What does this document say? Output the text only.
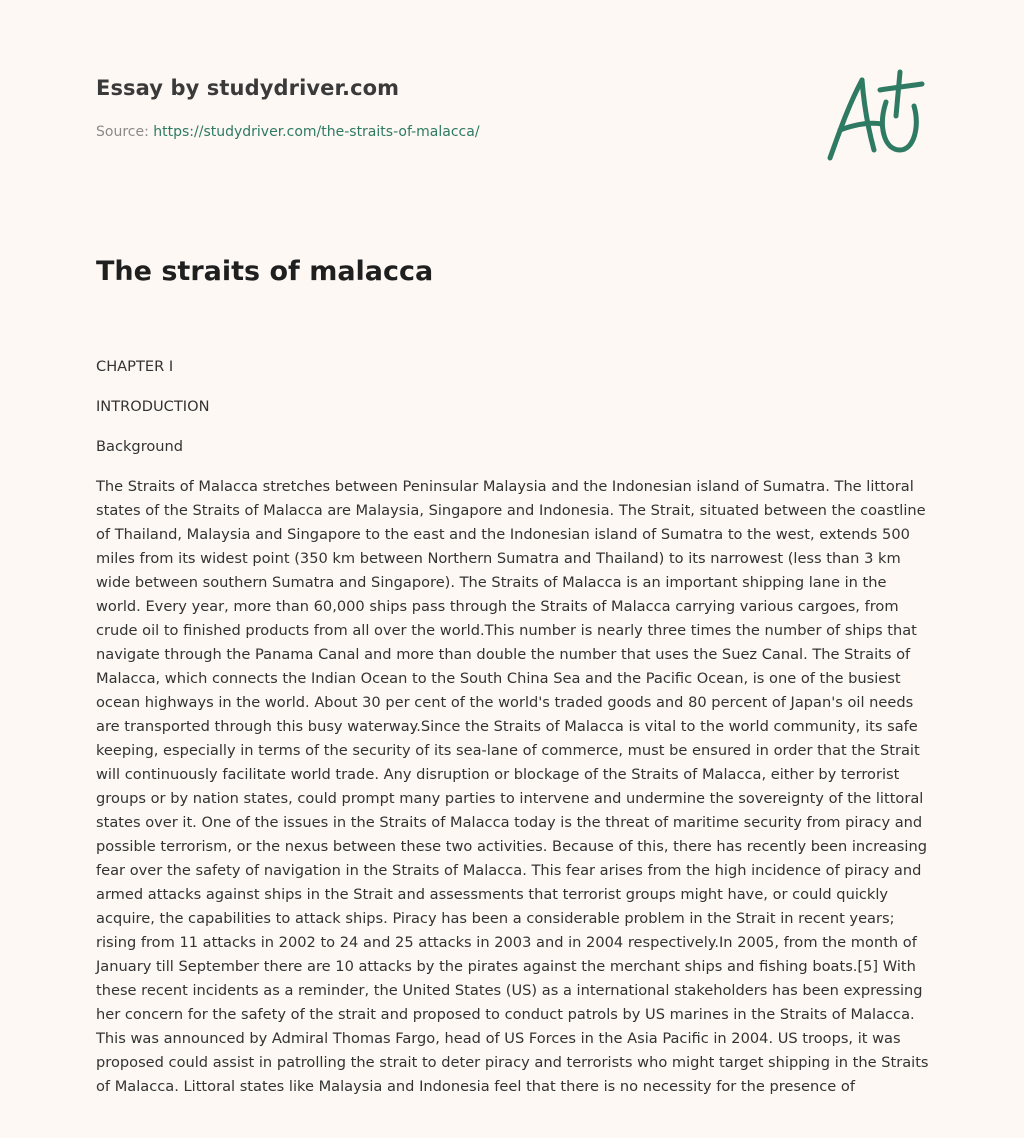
Essay by studydriver.com
Source: https://studydriver.com/the-straits-of-malacca/
The straits of malacca

CHAPTER I

INTRODUCTION

Background

The Straits of Malacca stretches between Peninsular Malaysia and the Indonesian island of Sumatra. The littoral states of the Straits of Malacca are Malaysia, Singapore and Indonesia. The Strait, situated between the coastline of Thailand, Malaysia and Singapore to the east and the Indonesian island of Sumatra to the west, extends 500 miles from its widest point (350 km between Northern Sumatra and Thailand) to its narrowest (less than 3 km wide between southern Sumatra and Singapore). The Straits of Malacca is an important shipping lane in the world. Every year, more than 60,000 ships pass through the Straits of Malacca carrying various cargoes, from crude oil to finished products from all over the world.This number is nearly three times the number of ships that navigate through the Panama Canal and more than double the number that uses the Suez Canal. The Straits of Malacca, which connects the Indian Ocean to the South China Sea and the Pacific Ocean, is one of the busiest ocean highways in the world. About 30 per cent of the world's traded goods and 80 percent of Japan's oil needs are transported through this busy waterway.Since the Straits of Malacca is vital to the world community, its safe keeping, especially in terms of the security of its sea-lane of commerce, must be ensured in order that the Strait will continuously facilitate world trade. Any disruption or blockage of the Straits of Malacca, either by terrorist groups or by nation states, could prompt many parties to intervene and undermine the sovereignty of the littoral states over it. One of the issues in the Straits of Malacca today is the threat of maritime security from piracy and possible terrorism, or the nexus between these two activities. Because of this, there has recently been increasing fear over the safety of navigation in the Straits of Malacca. This fear arises from the high incidence of piracy and armed attacks against ships in the Strait and assessments that terrorist groups might have, or could quickly acquire, the capabilities to attack ships. Piracy has been a considerable problem in the Strait in recent years; rising from 11 attacks in 2002 to 24 and 25 attacks in 2003 and in 2004 respectively.In 2005, from the month of January till September there are 10 attacks by the pirates against the merchant ships and fishing boats.[5] With these recent incidents as a reminder, the United States (US) as a international stakeholders has been expressing her concern for the safety of the strait and proposed to conduct patrols by US marines in the Straits of Malacca. This was announced by Admiral Thomas Fargo, head of US Forces in the Asia Pacific in 2004. US troops, it was proposed could assist in patrolling the strait to deter piracy and terrorists who might target shipping in the Straits of Malacca. Littoral states like Malaysia and Indonesia feel that there is no necessity for the presence of
